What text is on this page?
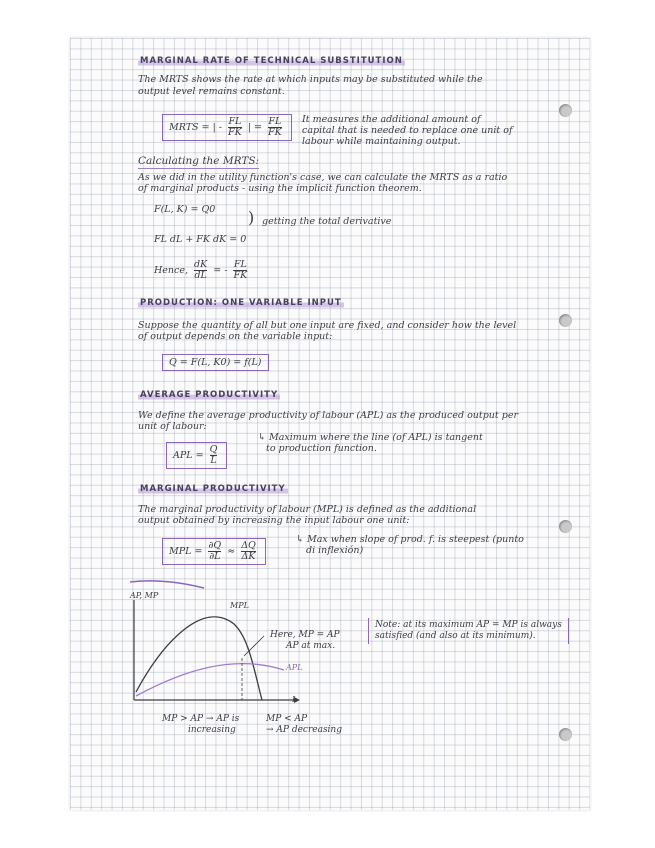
MARGINAL RATE OF TECHNICAL SUBSTITUTION
The MRTS shows the rate at which inputs may be substituted while the
output level remains constant.
MRTS = | - $\frac{FL}{FK}$ | = $\frac{FL}{FK}$ It measures the additional amount of
capital that is needed to replace one unit of
labour while maintaining output.
Calculating the MRTS:
As we did in the utility function's case, we can calculate the MRTS as a ratio
of marginal products - using the implicit function theorem.
F(L, K) = Q0
FL dL + FK dK = 0
) getting the total derivative
Hence, $\frac{dK}{dL}$ = - $\frac{FL}{FK}$
PRODUCTION: ONE VARIABLE INPUT
Suppose the quantity of all but one input are fixed, and consider how the level
of output depends on the variable input:
Q = F(L, K0) = f(L)
AVERAGE PRODUCTIVITY
We define the average productivity of labour (APL) as the produced output per
unit of labour:
APL = $\frac{Q}{L}$
↳ Maximum where the line (of APL) is tangent
to production function.
MARGINAL PRODUCTIVITY
The marginal productivity of labour (MPL) is defined as the additional
output obtained by increasing the input labour one unit:
MPL = $\frac{\partial Q}{\partial L} \approx \frac{\Delta Q}{\Delta K}$
↳ Max when slope of prod. f. is steepest (punto
di inflexión)
AP, MP
MPL
APL
Here, MP = AP
AP at max.
L
MP > AP → AP is
increasing
MP < AP
→ AP decreasing
Note: at its maximum AP = MP is always
satisfied (and also at its minimum).
